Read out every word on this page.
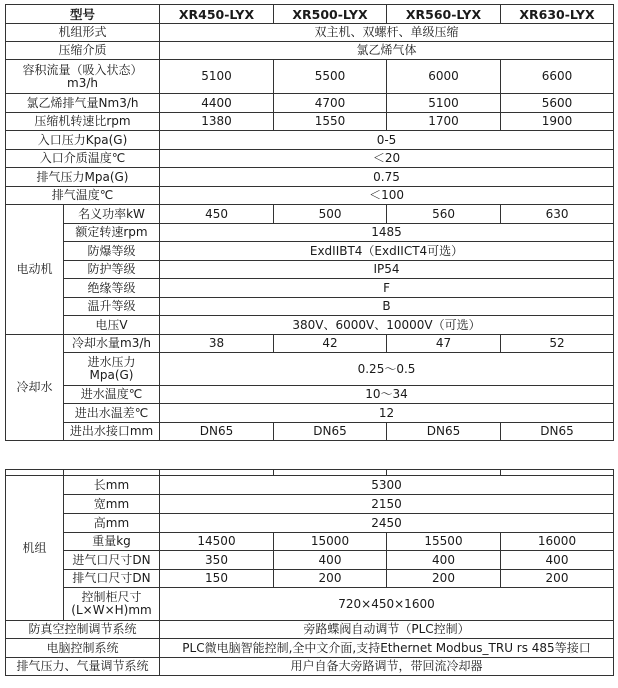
型号		XR450-LYX	XR500-LYX	XR560-LYX	XR630-LYX
机组形式		双主机、双螺杆、单级压缩			
压缩介质		氯乙烯气体			
容积流量（吸入状态）m3/h		5100	5500	6000	6600
氯乙烯排气量Nm3/h		4400	4700	5100	5600
压缩机转速比rpm		1380	1550	1700	1900
入口压力Kpa(G)		0-5			
入口介质温度℃		＜20			
排气压力Mpa(G)		0.75			
排气温度℃		＜100			
电动机	名义功率kW	450	500	560	630
	额定转速rpm	1485			
	防爆等级	ExdIIBT4（ExdIICT4可选）			
	防护等级	IP54			
	绝缘等级	F			
	温升等级	B			
	电压V	380V、6000V、10000V（可选）			
冷却水	冷却水量m3/h	38	42	47	52
	进水压力Mpa(G)	0.25～0.5			
	进水温度℃	10～34			
	进出水温差℃	12			
	进出水接口mm	DN65	DN65	DN65	DN65

机组	长mm	5300			
	宽mm	2150			
	高mm	2450			
	重量kg	14500	15000	15500	16000
	进气口尺寸DN	350	400	400	400
	排气口尺寸DN	150	200	200	200
	控制柜尺寸(L×W×H)mm	720×450×1600			
防真空控制调节系统		旁路蝶阀自动调节（PLC控制）			
电脑控制系统		PLC微电脑智能控制,全中文介面,支持Ethernet Modbus_TRU rs 485等接口			
排气压力、气量调节系统		用户自备大旁路调节，带回流冷却器			
